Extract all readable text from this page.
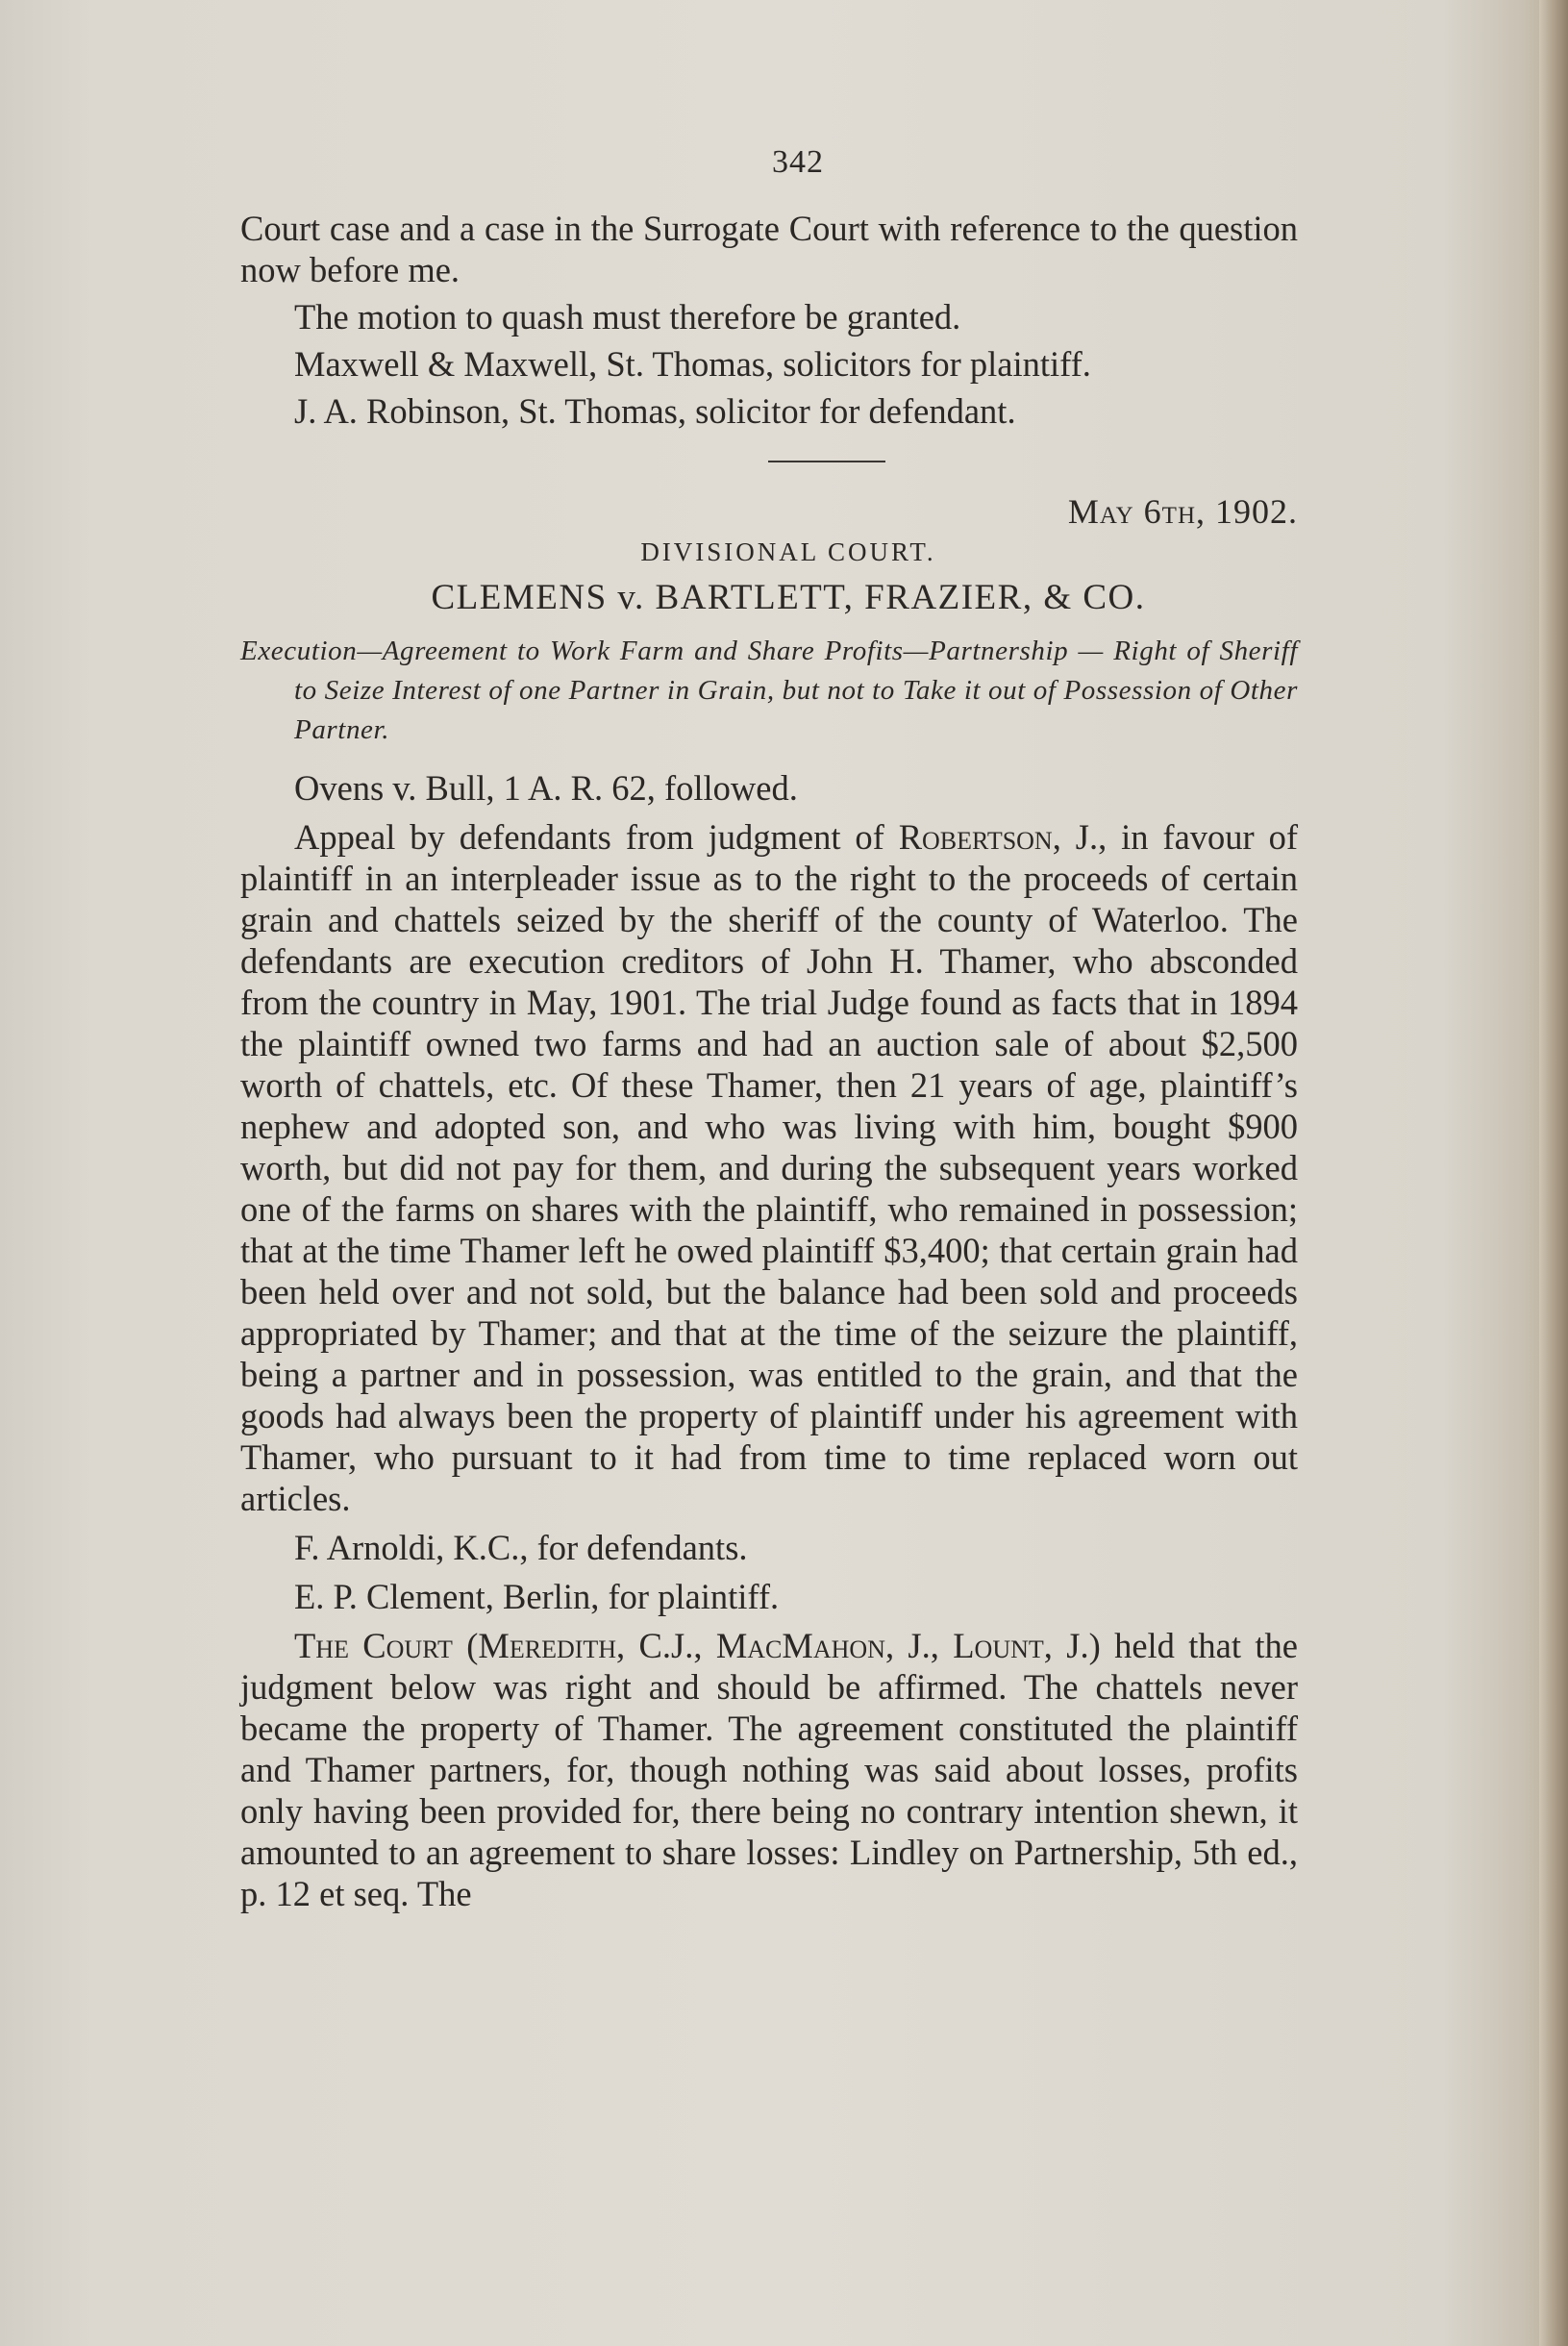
342

Court case and a case in the Surrogate Court with reference to the question now before me.

The motion to quash must therefore be granted.

Maxwell & Maxwell, St. Thomas, solicitors for plaintiff.

J. A. Robinson, St. Thomas, solicitor for defendant.

May 6th, 1902.
DIVISIONAL COURT.
CLEMENS v. BARTLETT, FRAZIER, & CO.

Execution—Agreement to Work Farm and Share Profits—Partnership — Right of Sheriff to Seize Interest of one Partner in Grain, but not to Take it out of Possession of Other Partner.

Ovens v. Bull, 1 A. R. 62, followed.

Appeal by defendants from judgment of Robertson, J., in favour of plaintiff in an interpleader issue as to the right to the proceeds of certain grain and chattels seized by the sheriff of the county of Waterloo. The defendants are execution creditors of John H. Thamer, who absconded from the country in May, 1901. The trial Judge found as facts that in 1894 the plaintiff owned two farms and had an auction sale of about $2,500 worth of chattels, etc. Of these Thamer, then 21 years of age, plaintiff’s nephew and adopted son, and who was living with him, bought $900 worth, but did not pay for them, and during the subsequent years worked one of the farms on shares with the plaintiff, who remained in possession; that at the time Thamer left he owed plaintiff $3,400; that certain grain had been held over and not sold, but the balance had been sold and proceeds appropriated by Thamer; and that at the time of the seizure the plaintiff, being a partner and in possession, was entitled to the grain, and that the goods had always been the property of plaintiff under his agreement with Thamer, who pursuant to it had from time to time replaced worn out articles.

F. Arnoldi, K.C., for defendants.

E. P. Clement, Berlin, for plaintiff.

The Court (Meredith, C.J., MacMahon, J., Lount, J.) held that the judgment below was right and should be affirmed. The chattels never became the property of Thamer. The agreement constituted the plaintiff and Thamer partners, for, though nothing was said about losses, profits only having been provided for, there being no contrary intention shewn, it amounted to an agreement to share losses: Lindley on Partnership, 5th ed., p. 12 et seq. The
